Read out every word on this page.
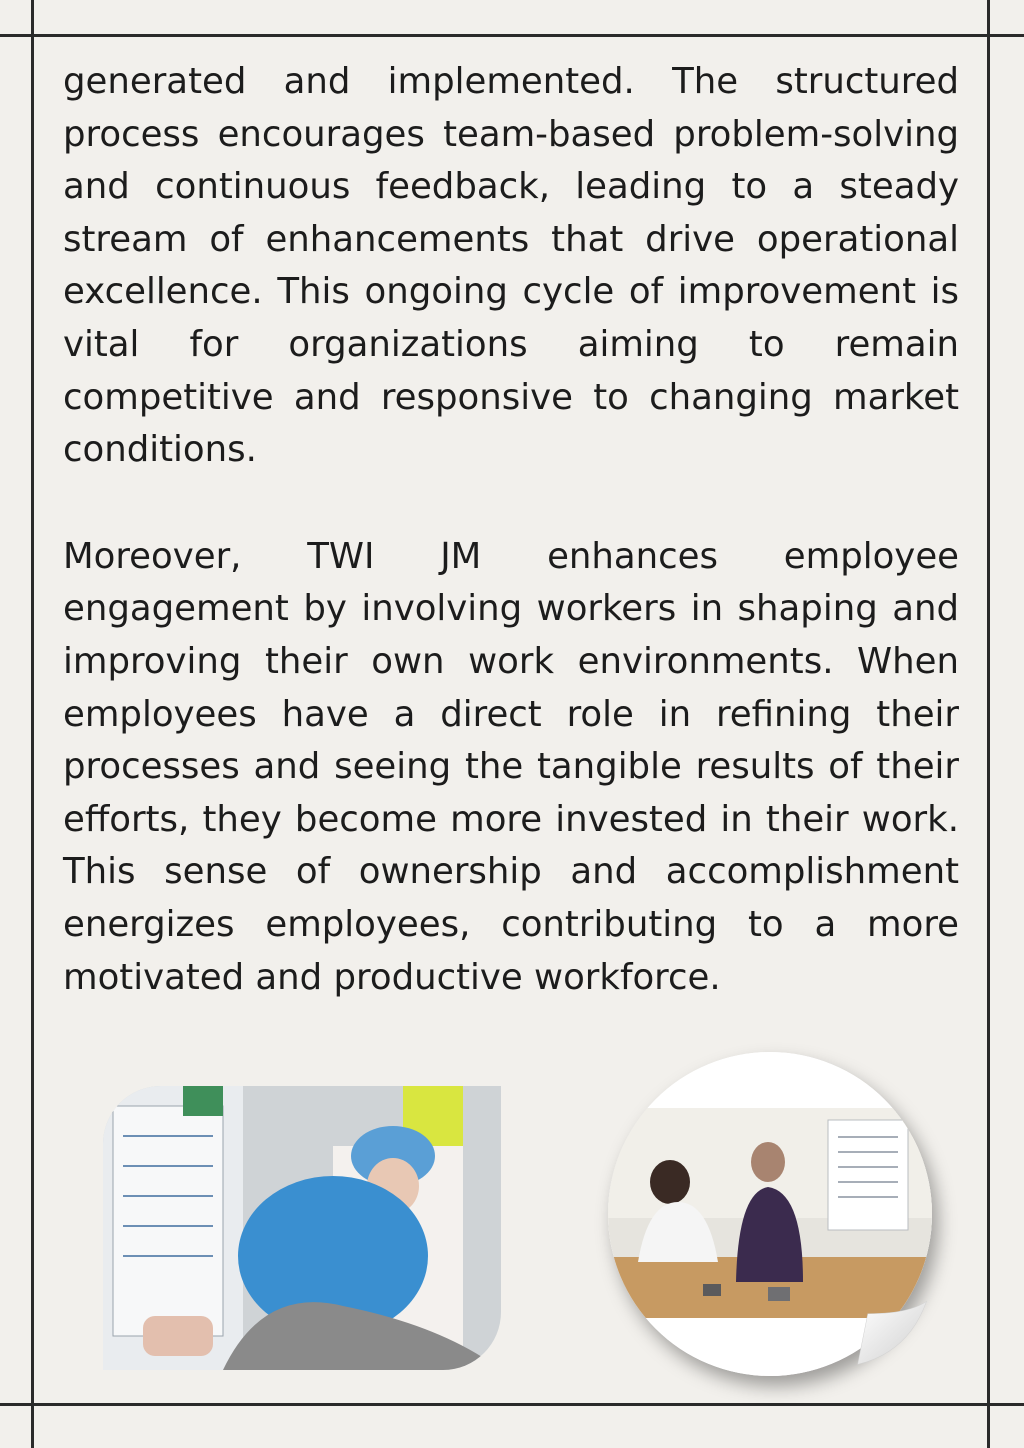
generated and implemented. The structured process encourages team-based problem-solving and continuous feedback, leading to a steady stream of enhancements that drive operational excellence. This ongoing cycle of improvement is vital for organizations aiming to remain competitive and responsive to changing market conditions.

Moreover, TWI JM enhances employee engagement by involving workers in shaping and improving their own work environments. When employees have a direct role in refining their processes and seeing the tangible results of their efforts, they become more invested in their work. This sense of ownership and accomplishment energizes employees, contributing to a more motivated and productive workforce.
